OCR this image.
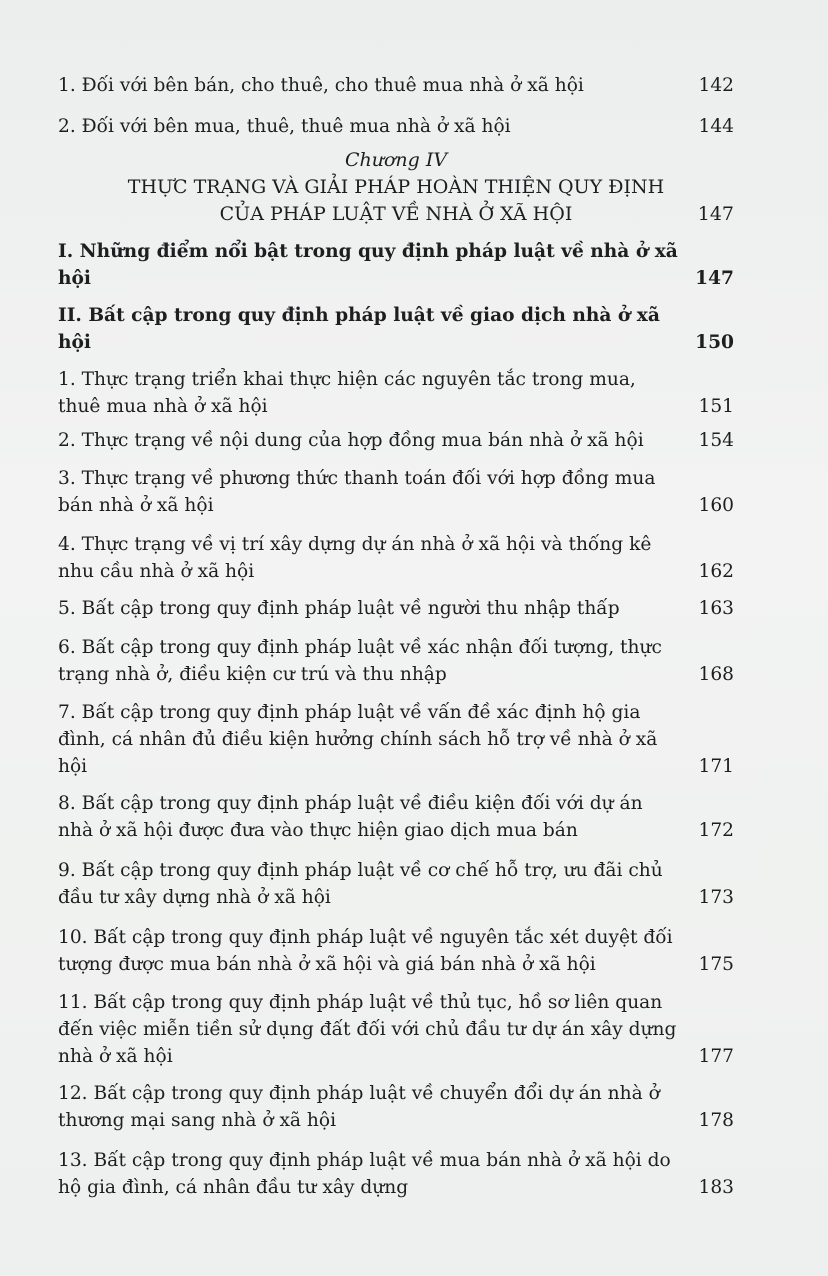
1. Đối với bên bán, cho thuê, cho thuê mua nhà ở xã hội	142
2. Đối với bên mua, thuê, thuê mua nhà ở xã hội	144
Chương IV
THỰC TRẠNG VÀ GIẢI PHÁP HOÀN THIỆN QUY ĐỊNH
CỦA PHÁP LUẬT VỀ NHÀ Ở XÃ HỘI	147
I. Những điểm nổi bật trong quy định pháp luật về nhà ở xã hội	147
II. Bất cập trong quy định pháp luật về giao dịch nhà ở xã hội	150
1. Thực trạng triển khai thực hiện các nguyên tắc trong mua, thuê mua nhà ở xã hội	151
2. Thực trạng về nội dung của hợp đồng mua bán nhà ở xã hội	154
3. Thực trạng về phương thức thanh toán đối với hợp đồng mua bán nhà ở xã hội	160
4. Thực trạng về vị trí xây dựng dự án nhà ở xã hội và thống kê nhu cầu nhà ở xã hội	162
5. Bất cập trong quy định pháp luật về người thu nhập thấp	163
6. Bất cập trong quy định pháp luật về xác nhận đối tượng, thực trạng nhà ở, điều kiện cư trú và thu nhập	168
7. Bất cập trong quy định pháp luật về vấn đề xác định hộ gia đình, cá nhân đủ điều kiện hưởng chính sách hỗ trợ về nhà ở xã hội	171
8. Bất cập trong quy định pháp luật về điều kiện đối với dự án nhà ở xã hội được đưa vào thực hiện giao dịch mua bán	172
9. Bất cập trong quy định pháp luật về cơ chế hỗ trợ, ưu đãi chủ đầu tư xây dựng nhà ở xã hội	173
10. Bất cập trong quy định pháp luật về nguyên tắc xét duyệt đối tượng được mua bán nhà ở xã hội và giá bán nhà ở xã hội	175
11. Bất cập trong quy định pháp luật về thủ tục, hồ sơ liên quan đến việc miễn tiền sử dụng đất đối với chủ đầu tư dự án xây dựng nhà ở xã hội	177
12. Bất cập trong quy định pháp luật về chuyển đổi dự án nhà ở thương mại sang nhà ở xã hội	178
13. Bất cập trong quy định pháp luật về mua bán nhà ở xã hội do hộ gia đình, cá nhân đầu tư xây dựng	183
